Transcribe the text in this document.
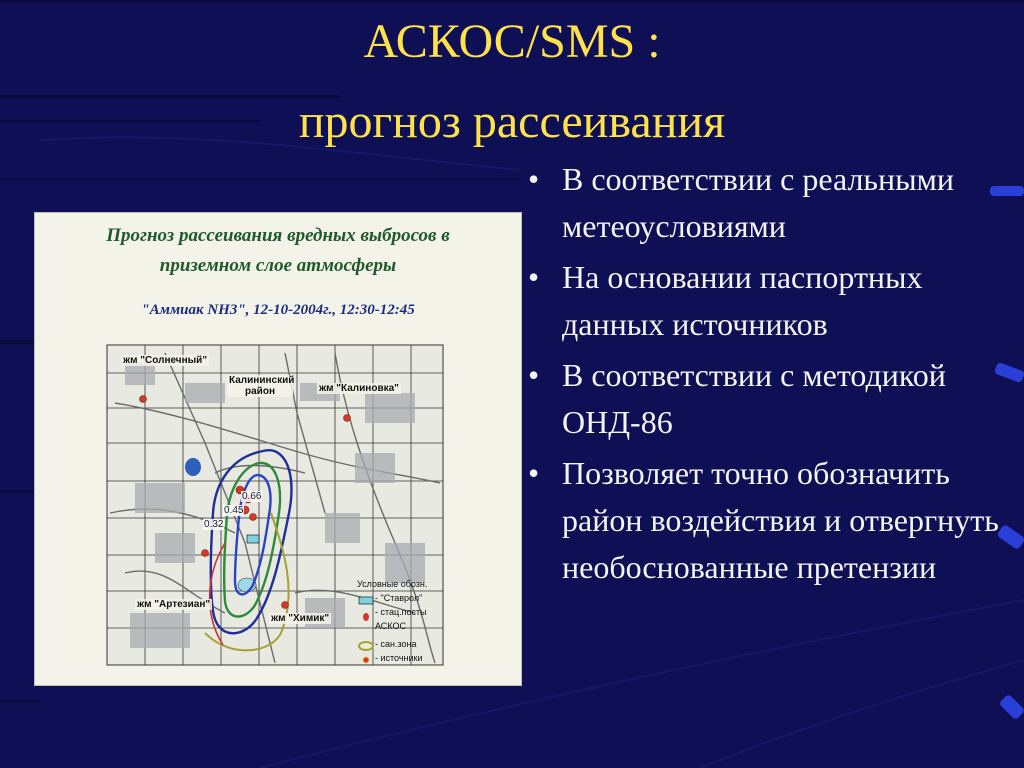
АСКОС/SMS :
прогноз рассеивания
Прогноз рассеивания вредных выбросов в
приземном слое атмосферы
"Аммиак NH3", 12-10-2004г., 12:30-12:45
жм "Солнечный"
Калининский район	жм "Калиновка"
жм "Артезиан"
жм "Химик"
0.66
0.45
0.32
Условные обозн.
- "Ставрол"
- стац.посты
АСКОС
- сан.зона
- источники
• В соответствии с реальными метеоусловиями
• На основании паспортных данных источников
• В соответствии с методикой ОНД-86
• Позволяет точно обозначить район воздействия и отвергнуть необоснованные претензии
